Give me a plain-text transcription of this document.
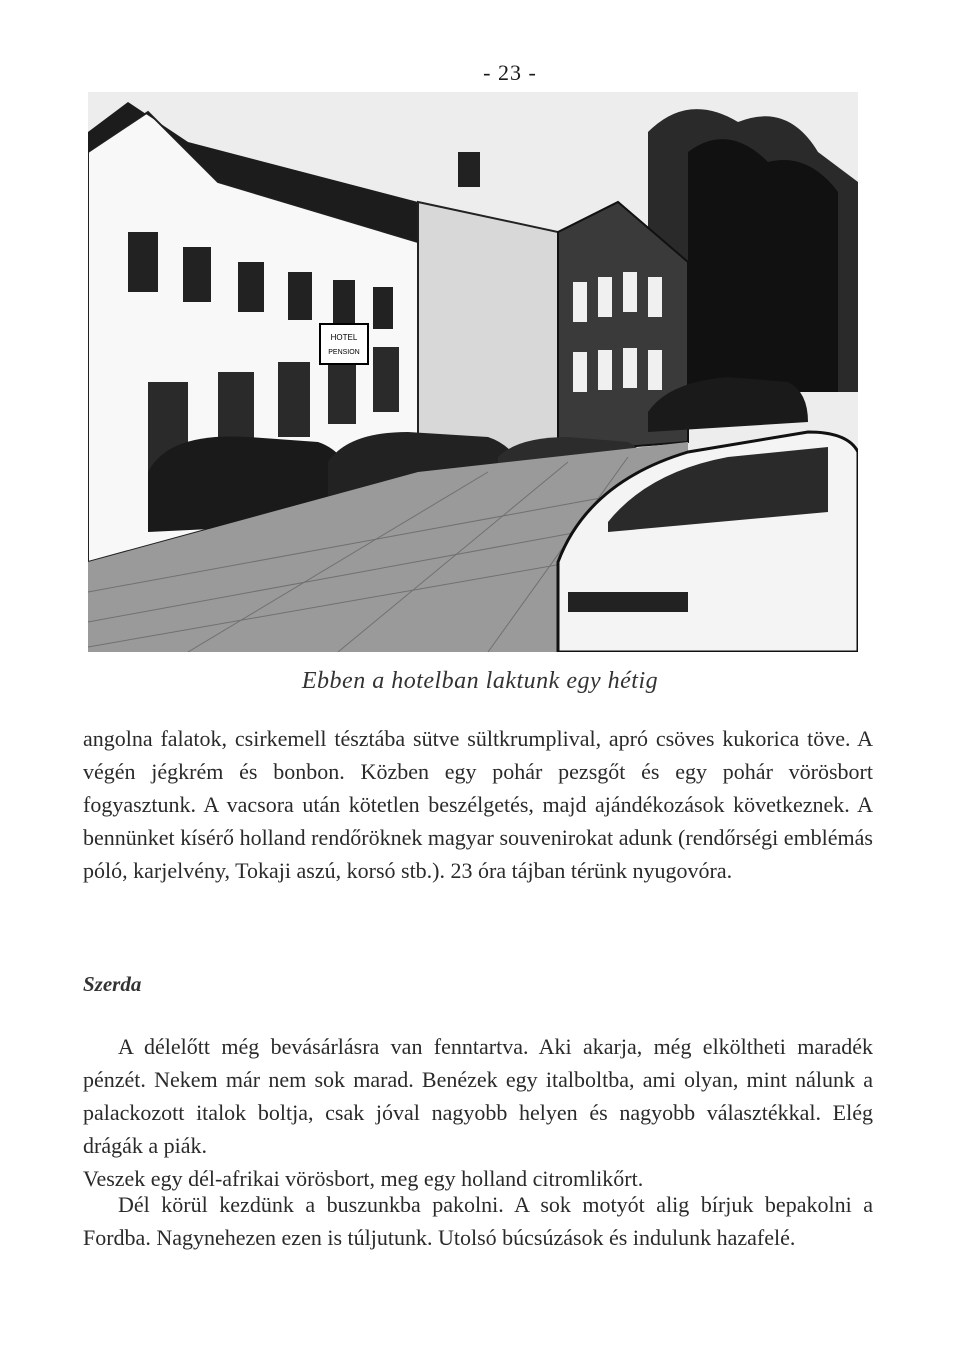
- 23 -
HOTEL
PENSION
Ebben a hotelban laktunk egy hétig

angolna falatok, csirkemell tésztába sütve sültkrumplival, apró csöves kukorica töve. A végén jégkrém és bonbon. Közben egy pohár pezsgőt és egy pohár vörösbort fogyasztunk. A vacsora után kötetlen beszélgetés, majd ajándékozások következnek. A bennünket kísérő holland rendőröknek magyar souvenirokat adunk (rendőrségi emblémás póló, karjelvény, Tokaji aszú, korsó stb.). 23 óra tájban térünk nyugovóra.

Szerda

A délelőtt még bevásárlásra van fenntartva. Aki akarja, még elköltheti maradék pénzét. Nekem már nem sok marad. Benézek egy italboltba, ami olyan, mint nálunk a palackozott italok boltja, csak jóval nagyobb helyen és nagyobb választékkal. Elég drágák a piák.

Veszek egy dél-afrikai vörösbort, meg egy holland citromlikőrt.

Dél körül kezdünk a buszunkba pakolni. A sok motyót alig bírjuk bepakolni a Fordba. Nagynehezen ezen is túljutunk. Utolsó búcsúzások és indulunk hazafelé.
